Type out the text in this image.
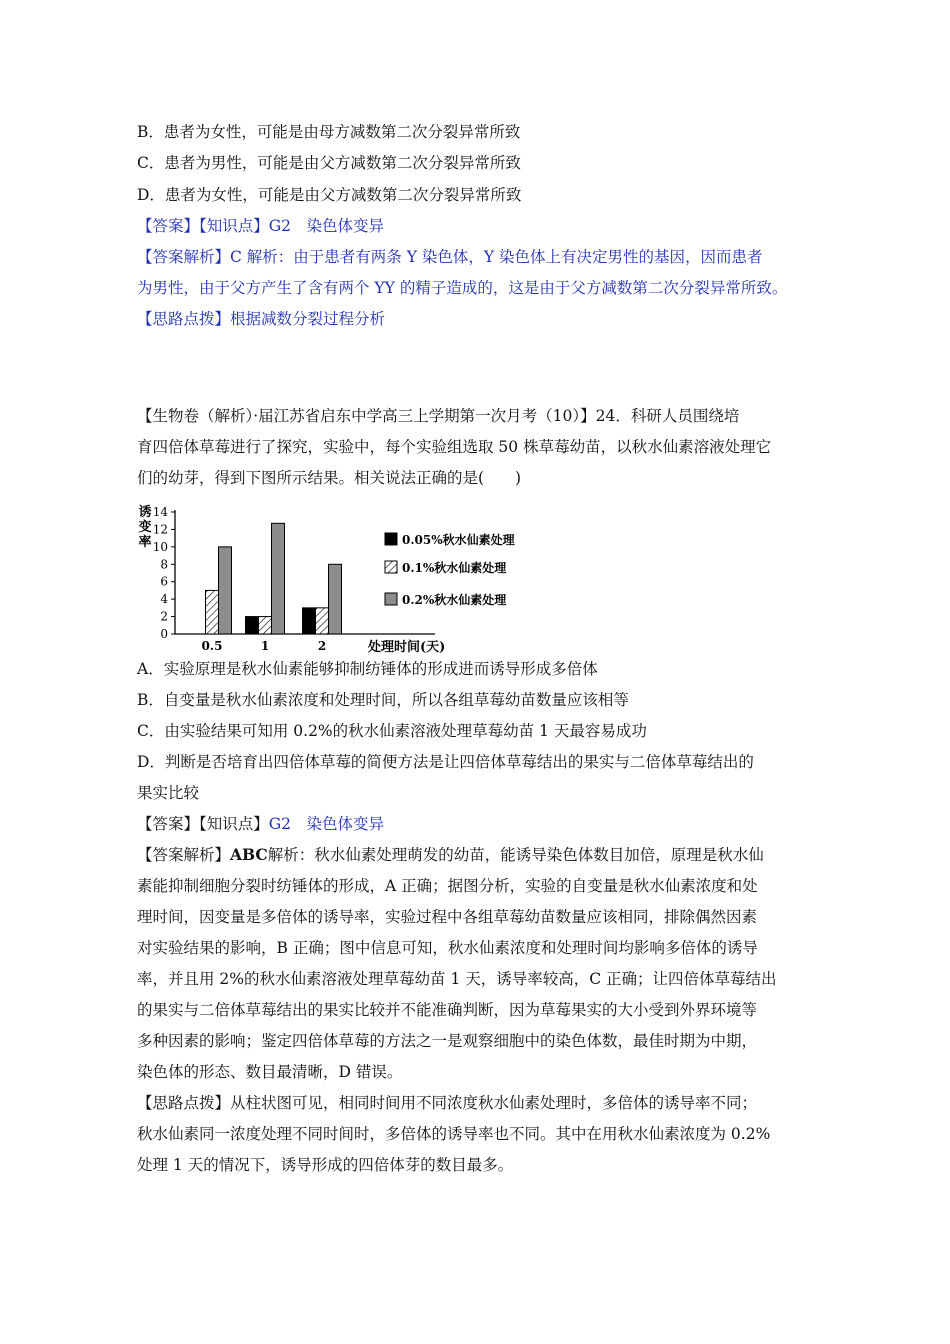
B．患者为女性，可能是由母方减数第二次分裂异常所致
C．患者为男性，可能是由父方减数第二次分裂异常所致
D．患者为女性，可能是由父方减数第二次分裂异常所致
【答案】【知识点】G2　 染色体变异
【答案解析】C 解析：由于患者有两条 Y 染色体，Y 染色体上有决定男性的基因，因而患者
为男性，由于父方产生了含有两个 YY 的精子造成的，这是由于父方减数第二次分裂异常所致。
【思路点拨】根据减数分裂过程分析
【生物卷（解析）·届江苏省启东中学高三上学期第一次月考（10）】24．科研人员围绕培
育四倍体草莓进行了探究，实验中，每个实验组选取 50 株草莓幼苗，以秋水仙素溶液处理它
们的幼芽，得到下图所示结果。相关说法正确的是(　　)
0
2
4
6
8
10
12
14
诱
变
率
0.5	1	2	处理时间(天)
0.05%秋水仙素处理
0.1%秋水仙素处理
0.2%秋水仙素处理
A．实验原理是秋水仙素能够抑制纺锤体的形成进而诱导形成多倍体
B．自变量是秋水仙素浓度和处理时间，所以各组草莓幼苗数量应该相等
C．由实验结果可知用 0.2%的秋水仙素溶液处理草莓幼苗 1 天最容易成功
D．判断是否培育出四倍体草莓的简便方法是让四倍体草莓结出的果实与二倍体草莓结出的
果实比较
【答案】【知识点】G2　 染色体变异
【答案解析】ABC解析：秋水仙素处理萌发的幼苗，能诱导染色体数目加倍，原理是秋水仙
素能抑制细胞分裂时纺锤体的形成，A 正确；据图分析，实验的自变量是秋水仙素浓度和处
理时间，因变量是多倍体的诱导率，实验过程中各组草莓幼苗数量应该相同，排除偶然因素
对实验结果的影响，B 正确；图中信息可知，秋水仙素浓度和处理时间均影响多倍体的诱导
率，并且用 2%的秋水仙素溶液处理草莓幼苗 1 天，诱导率较高，C 正确；让四倍体草莓结出
的果实与二倍体草莓结出的果实比较并不能准确判断，因为草莓果实的大小受到外界环境等
多种因素的影响；鉴定四倍体草莓的方法之一是观察细胞中的染色体数，最佳时期为中期，
染色体的形态、数目最清晰，D 错误。
【思路点拨】从柱状图可见，相同时间用不同浓度秋水仙素处理时，多倍体的诱导率不同；
秋水仙素同一浓度处理不同时间时，多倍体的诱导率也不同。其中在用秋水仙素浓度为 0.2%
处理 1 天的情况下，诱导形成的四倍体芽的数目最多。
